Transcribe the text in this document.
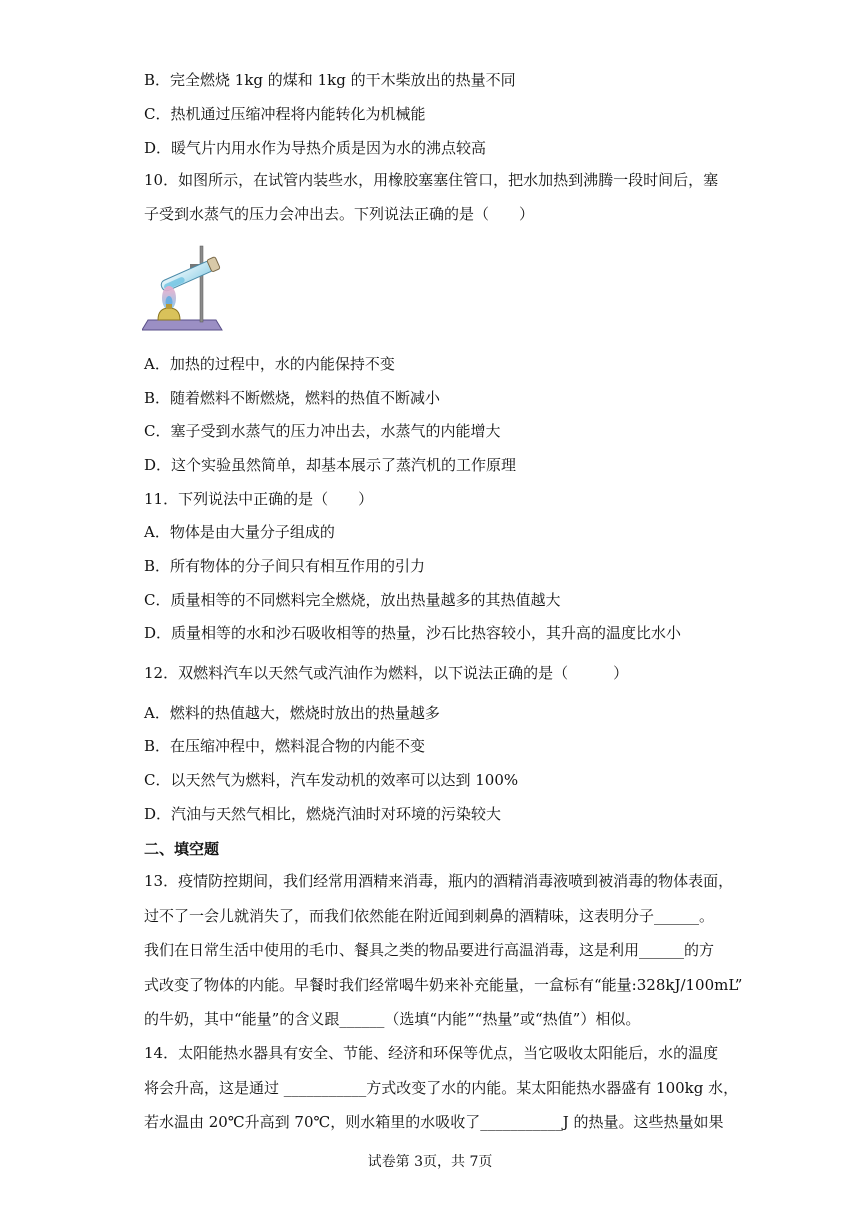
B．完全燃烧 1kg 的煤和 1kg 的干木柴放出的热量不同
C．热机通过压缩冲程将内能转化为机械能
D．暖气片内用水作为导热介质是因为水的沸点较高
10．如图所示，在试管内装些水，用橡胶塞塞住管口，把水加热到沸腾一段时间后，塞
子受到水蒸气的压力会冲出去。下列说法正确的是（　　）
A．加热的过程中，水的内能保持不变
B．随着燃料不断燃烧，燃料的热值不断减小
C．塞子受到水蒸气的压力冲出去，水蒸气的内能增大
D．这个实验虽然简单，却基本展示了蒸汽机的工作原理
11．下列说法中正确的是（　　）
A．物体是由大量分子组成的
B．所有物体的分子间只有相互作用的引力
C．质量相等的不同燃料完全燃烧，放出热量越多的其热值越大
D．质量相等的水和沙石吸收相等的热量，沙石比热容较小，其升高的温度比水小
12．双燃料汽车以天然气或汽油作为燃料，以下说法正确的是（　　　）
A．燃料的热值越大，燃烧时放出的热量越多
B．在压缩冲程中，燃料混合物的内能不变
C．以天然气为燃料，汽车发动机的效率可以达到 100%
D．汽油与天然气相比，燃烧汽油时对环境的污染较大
二、填空题
13．疫情防控期间，我们经常用酒精来消毒，瓶内的酒精消毒液喷到被消毒的物体表面，
过不了一会儿就消失了，而我们依然能在附近闻到刺鼻的酒精味，这表明分子______。
我们在日常生活中使用的毛巾、餐具之类的物品要进行高温消毒，这是利用______的方
式改变了物体的内能。早餐时我们经常喝牛奶来补充能量，一盒标有“能量:328kJ/100mL”
的牛奶，其中“能量”的含义跟______（选填“内能”“热量”或“热值”）相似。
14．太阳能热水器具有安全、节能、经济和环保等优点，当它吸收太阳能后，水的温度
将会升高，这是通过 ___________方式改变了水的内能。某太阳能热水器盛有 100kg 水，
若水温由 20℃升高到 70℃，则水箱里的水吸收了___________J 的热量。这些热量如果
试卷第 3页，共 7页
